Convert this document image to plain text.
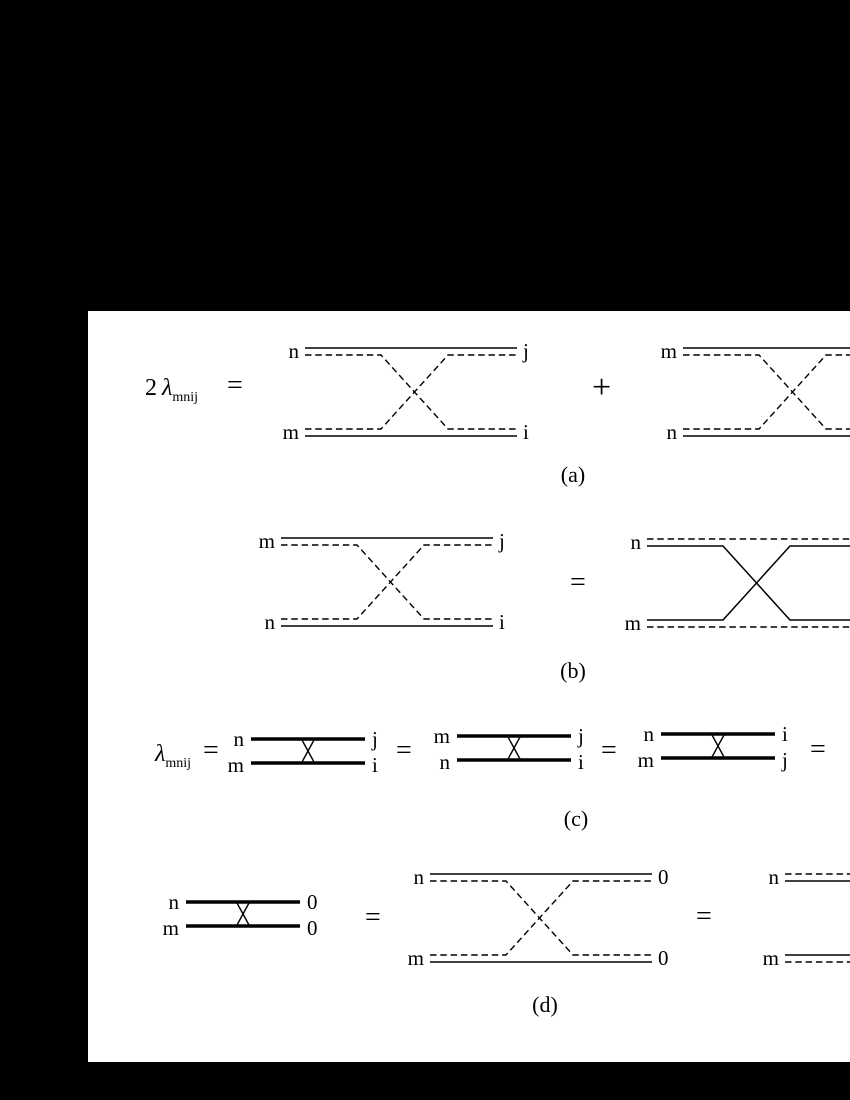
2 $\lambda_{mnij}$ =
n
m
j
i
+
m
n
(a)
m
n
j
i
=
n
m
(b)
$\lambda_{mnij} = n$
m
j
i = m
n
j
i =
n
m
i
j =
(c)
n
m
0
0	=
n
m
0
0
=
n
m
(d)
